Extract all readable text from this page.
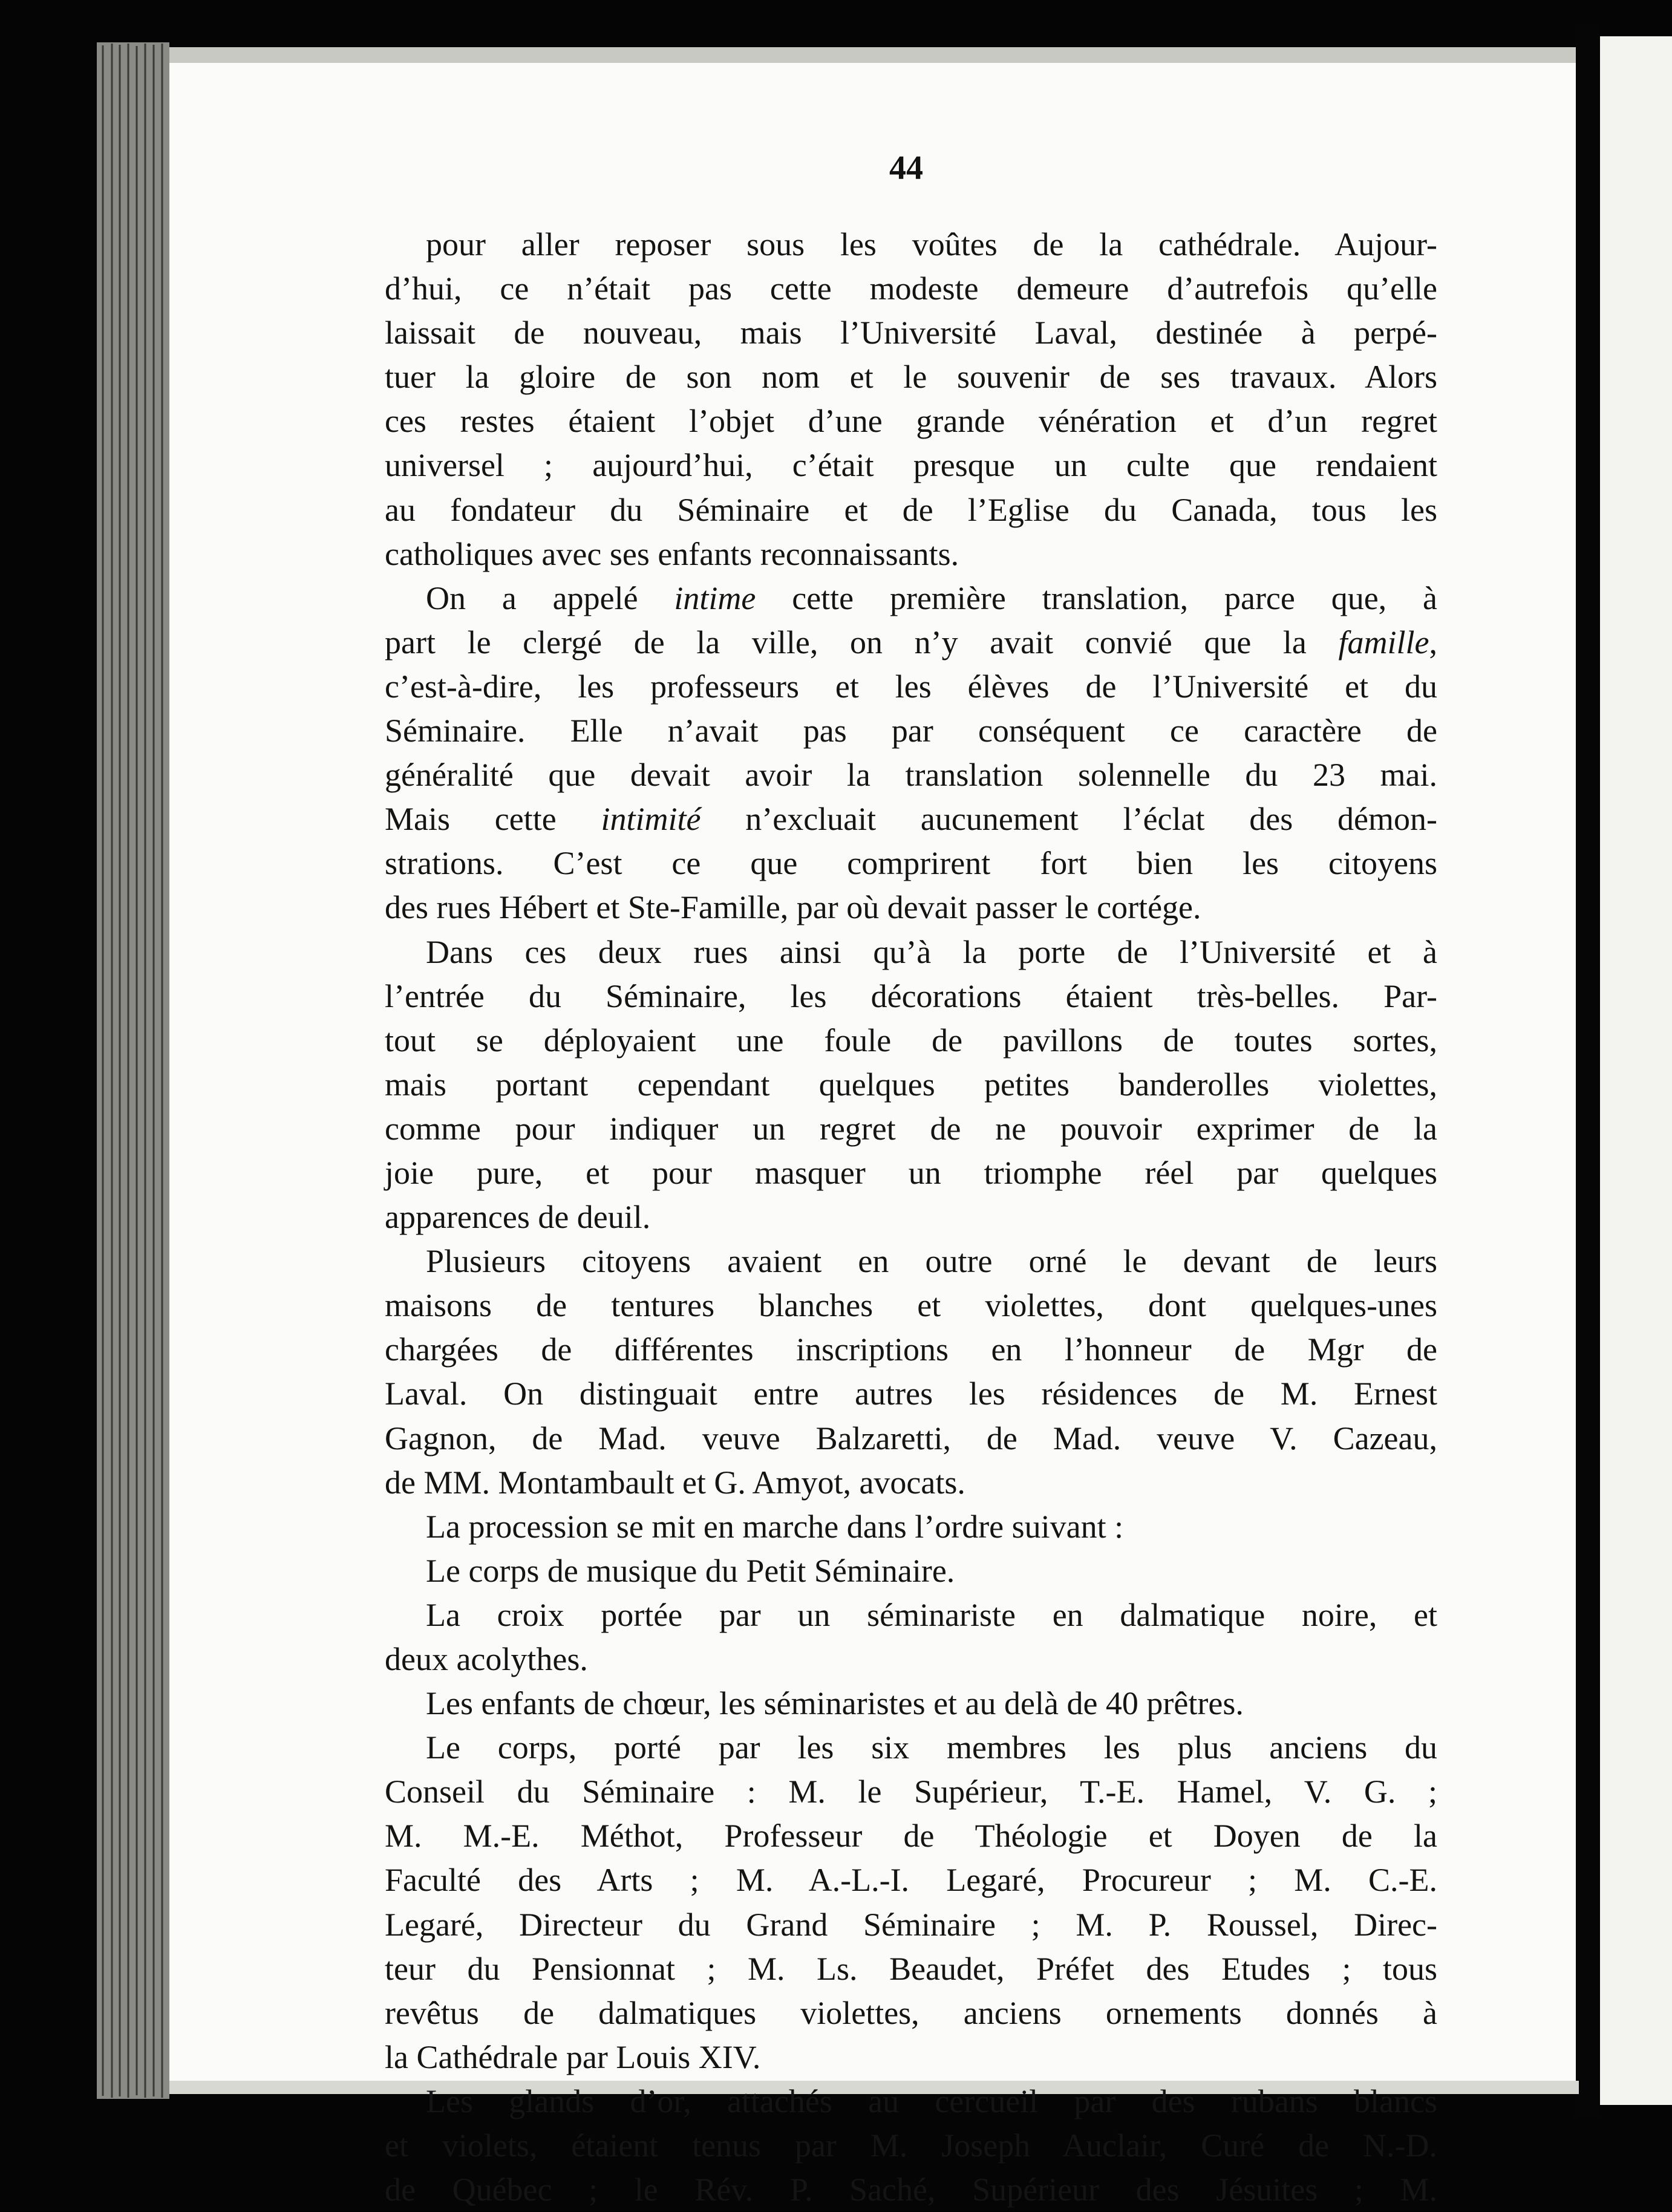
44
pour aller reposer sous les voûtes de la cathédrale. Aujour-
d’hui, ce n’était pas cette modeste demeure d’autrefois qu’elle
laissait de nouveau, mais l’Université Laval, destinée à perpé-
tuer la gloire de son nom et le souvenir de ses travaux. Alors
ces restes étaient l’objet d’une grande vénération et d’un regret
universel ; aujourd’hui, c’était presque un culte que rendaient
au fondateur du Séminaire et de l’Eglise du Canada, tous les
catholiques avec ses enfants reconnaissants.
On a appelé intime cette première translation, parce que, à
part le clergé de la ville, on n’y avait convié que la famille,
c’est-à-dire, les professeurs et les élèves de l’Université et du
Séminaire. Elle n’avait pas par conséquent ce caractère de
généralité que devait avoir la translation solennelle du 23 mai.
Mais cette intimité n’excluait aucunement l’éclat des démon-
strations. C’est ce que comprirent fort bien les citoyens
des rues Hébert et Ste-Famille, par où devait passer le cortége.
Dans ces deux rues ainsi qu’à la porte de l’Université et à
l’entrée du Séminaire, les décorations étaient très-belles. Par-
tout se déployaient une foule de pavillons de toutes sortes,
mais portant cependant quelques petites banderolles violettes,
comme pour indiquer un regret de ne pouvoir exprimer de la
joie pure, et pour masquer un triomphe réel par quelques
apparences de deuil.
Plusieurs citoyens avaient en outre orné le devant de leurs
maisons de tentures blanches et violettes, dont quelques-unes
chargées de différentes inscriptions en l’honneur de Mgr de
Laval. On distinguait entre autres les résidences de M. Ernest
Gagnon, de Mad. veuve Balzaretti, de Mad. veuve V. Cazeau,
de MM. Montambault et G. Amyot, avocats.
La procession se mit en marche dans l’ordre suivant :
Le corps de musique du Petit Séminaire.
La croix portée par un séminariste en dalmatique noire, et
deux acolythes.
Les enfants de chœur, les séminaristes et au delà de 40 prêtres.
Le corps, porté par les six membres les plus anciens du
Conseil du Séminaire : M. le Supérieur, T.-E. Hamel, V. G. ;
M. M.-E. Méthot, Professeur de Théologie et Doyen de la
Faculté des Arts ; M. A.-L.-I. Legaré, Procureur ; M. C.-E.
Legaré, Directeur du Grand Séminaire ; M. P. Roussel, Direc-
teur du Pensionnat ; M. Ls. Beaudet, Préfet des Etudes ; tous
revêtus de dalmatiques violettes, anciens ornements donnés à
la Cathédrale par Louis XIV.
Les glands d’or, attachés au cercueil par des rubans blancs
et violets, étaient tenus par M. Joseph Auclair, Curé de N.-D.
de Québec ; le Rév. P. Saché, Supérieur des Jésuites ; M.
